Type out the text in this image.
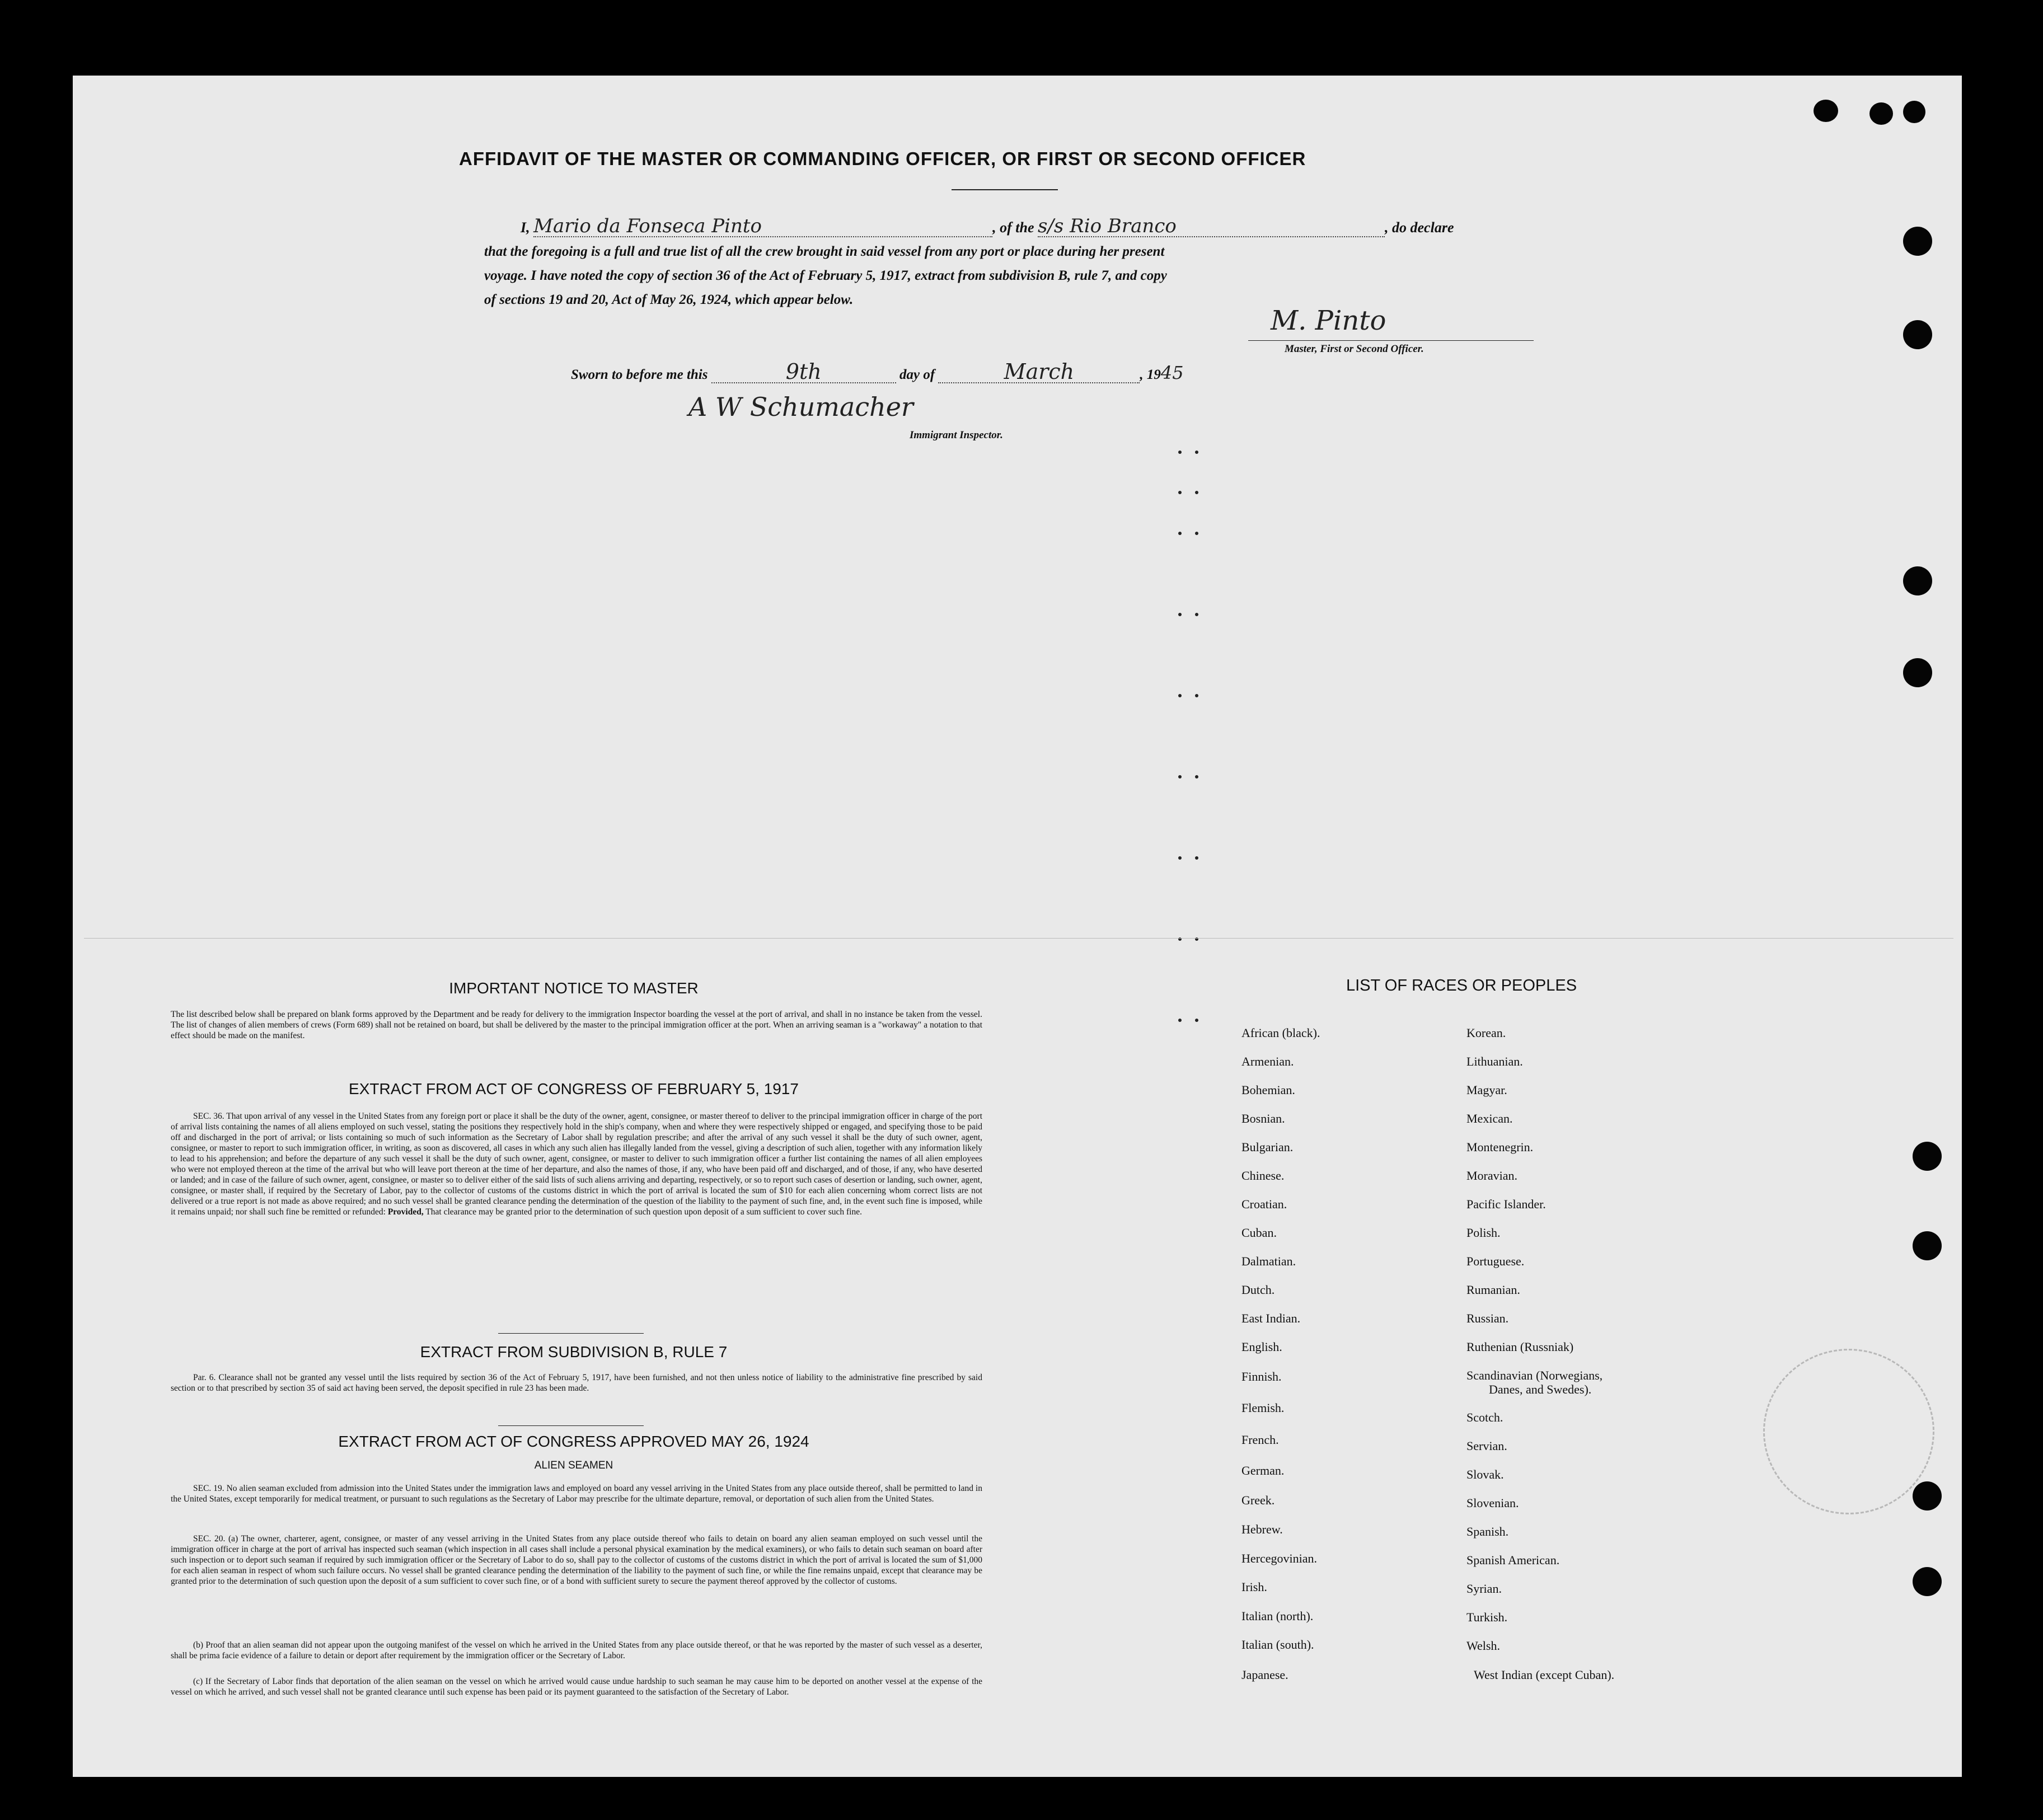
AFFIDAVIT OF THE MASTER OR COMMANDING OFFICER, OR FIRST OR SECOND OFFICER
I, Mario da Fonseca Pinto	, of the s/s Rio Branco	, do declare
that the foregoing is a full and true list of all the crew brought in said vessel from any port or place during her present
voyage. I have noted the copy of section 36 of the Act of February 5, 1917, extract from subdivision B, rule 7, and copy
of sections 19 and 20, Act of May 26, 1924, which appear below.
M. Pinto
Master, First or Second Officer.
Sworn to before me this	9th	day of	March	, 1945
A W Schumacher
Immigrant Inspector.
IMPORTANT NOTICE TO MASTER
The list described below shall be prepared on blank forms approved by the Department and be ready for delivery to the immigration Inspector boarding the vessel at the port of arrival, and shall in no instance be taken from the vessel. The list of changes of alien members of crews (Form 689) shall not be retained on board, but shall be delivered by the master to the principal immigration officer at the port. When an arriving seaman is a "workaway" a notation to that effect should be made on the manifest.
EXTRACT FROM ACT OF CONGRESS OF FEBRUARY 5, 1917
SEC. 36. That upon arrival of any vessel in the United States from any foreign port or place it shall be the duty of the owner, agent, consignee, or master thereof to deliver to the principal immigration officer in charge of the port of arrival lists containing the names of all aliens employed on such vessel, stating the positions they respectively hold in the ship's company, when and where they were respectively shipped or engaged, and specifying those to be paid off and discharged in the port of arrival; or lists containing so much of such information as the Secretary of Labor shall by regulation prescribe; and after the arrival of any such vessel it shall be the duty of such owner, agent, consignee, or master to report to such immigration officer, in writing, as soon as discovered, all cases in which any such alien has illegally landed from the vessel, giving a description of such alien, together with any information likely to lead to his apprehension; and before the departure of any such vessel it shall be the duty of such owner, agent, consignee, or master to deliver to such immigration officer a further list containing the names of all alien employees who were not employed thereon at the time of the arrival but who will leave port thereon at the time of her departure, and also the names of those, if any, who have been paid off and discharged, and of those, if any, who have deserted or landed; and in case of the failure of such owner, agent, consignee, or master so to deliver either of the said lists of such aliens arriving and departing, respectively, or so to report such cases of desertion or landing, such owner, agent, consignee, or master shall, if required by the Secretary of Labor, pay to the collector of customs of the customs district in which the port of arrival is located the sum of $10 for each alien concerning whom correct lists are not delivered or a true report is not made as above required; and no such vessel shall be granted clearance pending the determination of the question of the liability to the payment of such fine, and, in the event such fine is imposed, while it remains unpaid; nor shall such fine be remitted or refunded: Provided, That clearance may be granted prior to the determination of such question upon deposit of a sum sufficient to cover such fine.
EXTRACT FROM SUBDIVISION B, RULE 7
Par. 6. Clearance shall not be granted any vessel until the lists required by section 36 of the Act of February 5, 1917, have been furnished, and not then unless notice of liability to the administrative fine prescribed by said section or to that prescribed by section 35 of said act having been served, the deposit specified in rule 23 has been made.
EXTRACT FROM ACT OF CONGRESS APPROVED MAY 26, 1924
ALIEN SEAMEN
SEC. 19. No alien seaman excluded from admission into the United States under the immigration laws and employed on board any vessel arriving in the United States from any place outside thereof, shall be permitted to land in the United States, except temporarily for medical treatment, or pursuant to such regulations as the Secretary of Labor may prescribe for the ultimate departure, removal, or deportation of such alien from the United States.
SEC. 20. (a) The owner, charterer, agent, consignee, or master of any vessel arriving in the United States from any place outside thereof who fails to detain on board any alien seaman employed on such vessel until the immigration officer in charge at the port of arrival has inspected such seaman (which inspection in all cases shall include a personal physical examination by the medical examiners), or who fails to detain such seaman on board after such inspection or to deport such seaman if required by such immigration officer or the Secretary of Labor to do so, shall pay to the collector of customs of the customs district in which the port of arrival is located the sum of $1,000 for each alien seaman in respect of whom such failure occurs. No vessel shall be granted clearance pending the determination of the liability to the payment of such fine, or while the fine remains unpaid, except that clearance may be granted prior to the determination of such question upon the deposit of a sum sufficient to cover such fine, or of a bond with sufficient surety to secure the payment thereof approved by the collector of customs.
(b) Proof that an alien seaman did not appear upon the outgoing manifest of the vessel on which he arrived in the United States from any place outside thereof, or that he was reported by the master of such vessel as a deserter, shall be prima facie evidence of a failure to detain or deport after requirement by the immigration officer or the Secretary of Labor.
(c) If the Secretary of Labor finds that deportation of the alien seaman on the vessel on which he arrived would cause undue hardship to such seaman he may cause him to be deported on another vessel at the expense of the vessel on which he arrived, and such vessel shall not be granted clearance until such expense has been paid or its payment guaranteed to the satisfaction of the Secretary of Labor.
LIST OF RACES OR PEOPLES
African (black).
Armenian.
Bohemian.
Bosnian.
Bulgarian.
Chinese.
Croatian.
Cuban.
Dalmatian.
Dutch.
East Indian.
English.
Finnish.
Flemish.
French.
German.
Greek.
Hebrew.
Hercegovinian.
Irish.
Italian (north).
Italian (south).
Japanese.
Korean.
Lithuanian.
Magyar.
Mexican.
Montenegrin.
Moravian.
Pacific Islander.
Polish.
Portuguese.
Rumanian.
Russian.
Ruthenian (Russniak)
Scandinavian (Norwegians,
Danes, and Swedes).
Scotch.
Servian.
Slovak.
Slovenian.
Spanish.
Spanish American.
Syrian.
Turkish.
Welsh.
West Indian (except Cuban).
